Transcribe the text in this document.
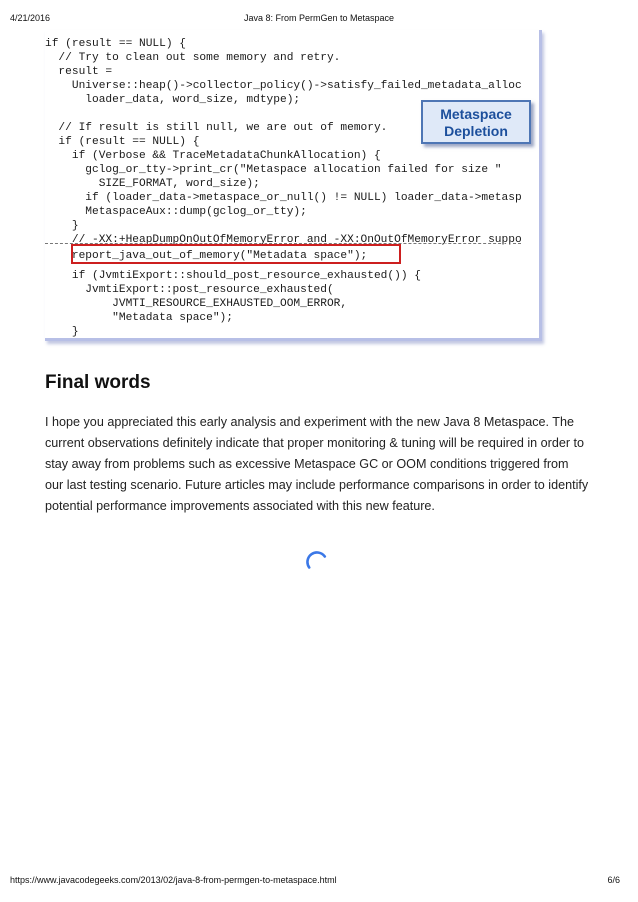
4/21/2016	Java 8: From PermGen to Metaspace
if (result == NULL) {
// Try to clean out some memory and retry.
result =
Universe::heap()->collector_policy()->satisfy_failed_metadata_alloc
loader_data, word_size, mdtype);
// If result is still null, we are out of memory.
if (result == NULL) {
if (Verbose && TraceMetadataChunkAllocation) {
gclog_or_tty->print_cr("Metaspace allocation failed for size "
SIZE_FORMAT, word_size);
if (loader_data->metaspace_or_null() != NULL) loader_data->metasp
MetaspaceAux::dump(gclog_or_tty);
}
// -XX:+HeapDumpOnOutOfMemoryError and -XX:OnOutOfMemoryError suppo
report_java_out_of_memory("Metadata space");
if (JvmtiExport::should_post_resource_exhausted()) {
JvmtiExport::post_resource_exhausted(
JVMTI_RESOURCE_EXHAUSTED_OOM_ERROR,
"Metadata space");
}
Metaspace
Depletion
Final words

I hope you appreciated this early analysis and experiment with the new Java 8 Metaspace. The current observations definitely indicate that proper monitoring & tuning will be required in order to stay away from problems such as excessive Metaspace GC or OOM conditions triggered from our last testing scenario. Future articles may include performance comparisons in order to identify potential performance improvements associated with this new feature.

https://www.javacodegeeks.com/2013/02/java-8-from-permgen-to-metaspace.html	6/6
